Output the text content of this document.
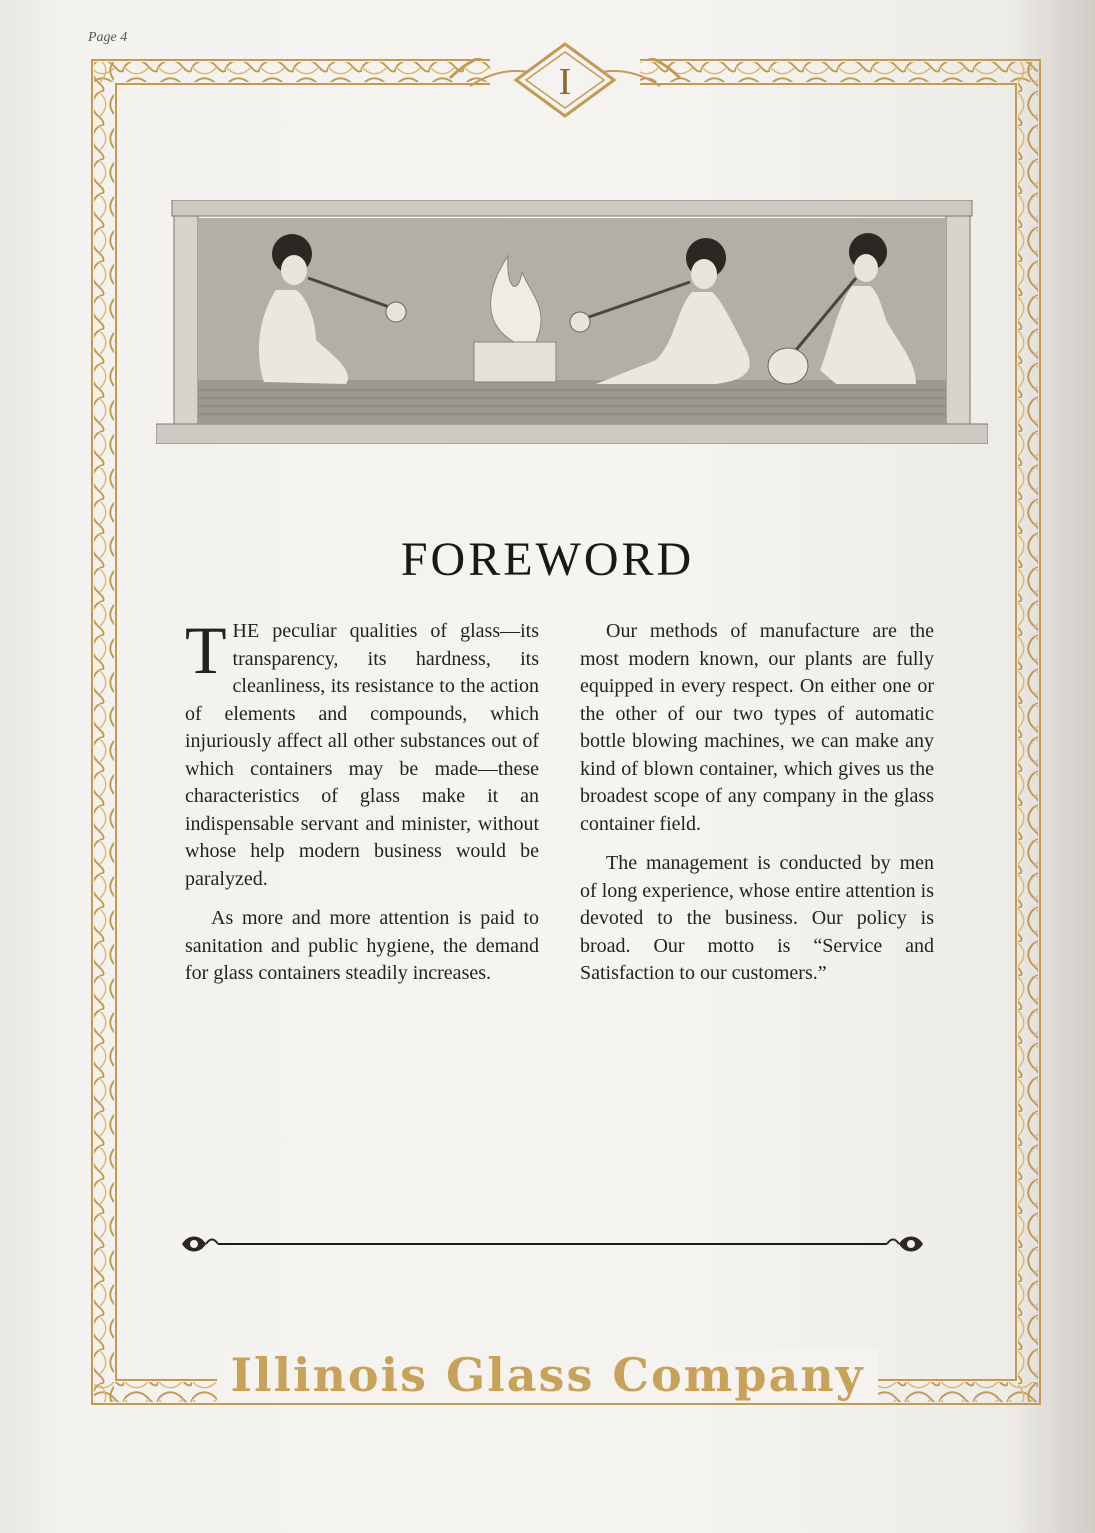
Page 4
I
FOREWORD

THE peculiar qualities of glass—its transparency, its hardness, its cleanliness, its resistance to the action of elements and compounds, which injuriously affect all other substances out of which containers may be made—these characteristics of glass make it an indispensable servant and minister, without whose help modern business would be paralyzed.

As more and more attention is paid to sanitation and public hygiene, the demand for glass containers steadily increases.

Our methods of manufacture are the most modern known, our plants are fully equipped in every respect. On either one or the other of our two types of automatic bottle blowing machines, we can make any kind of blown container, which gives us the broadest scope of any company in the glass container field.

The management is conducted by men of long experience, whose entire attention is devoted to the business. Our policy is broad. Our motto is “Service and Satisfaction to our customers.”

Illinois Glass Company
